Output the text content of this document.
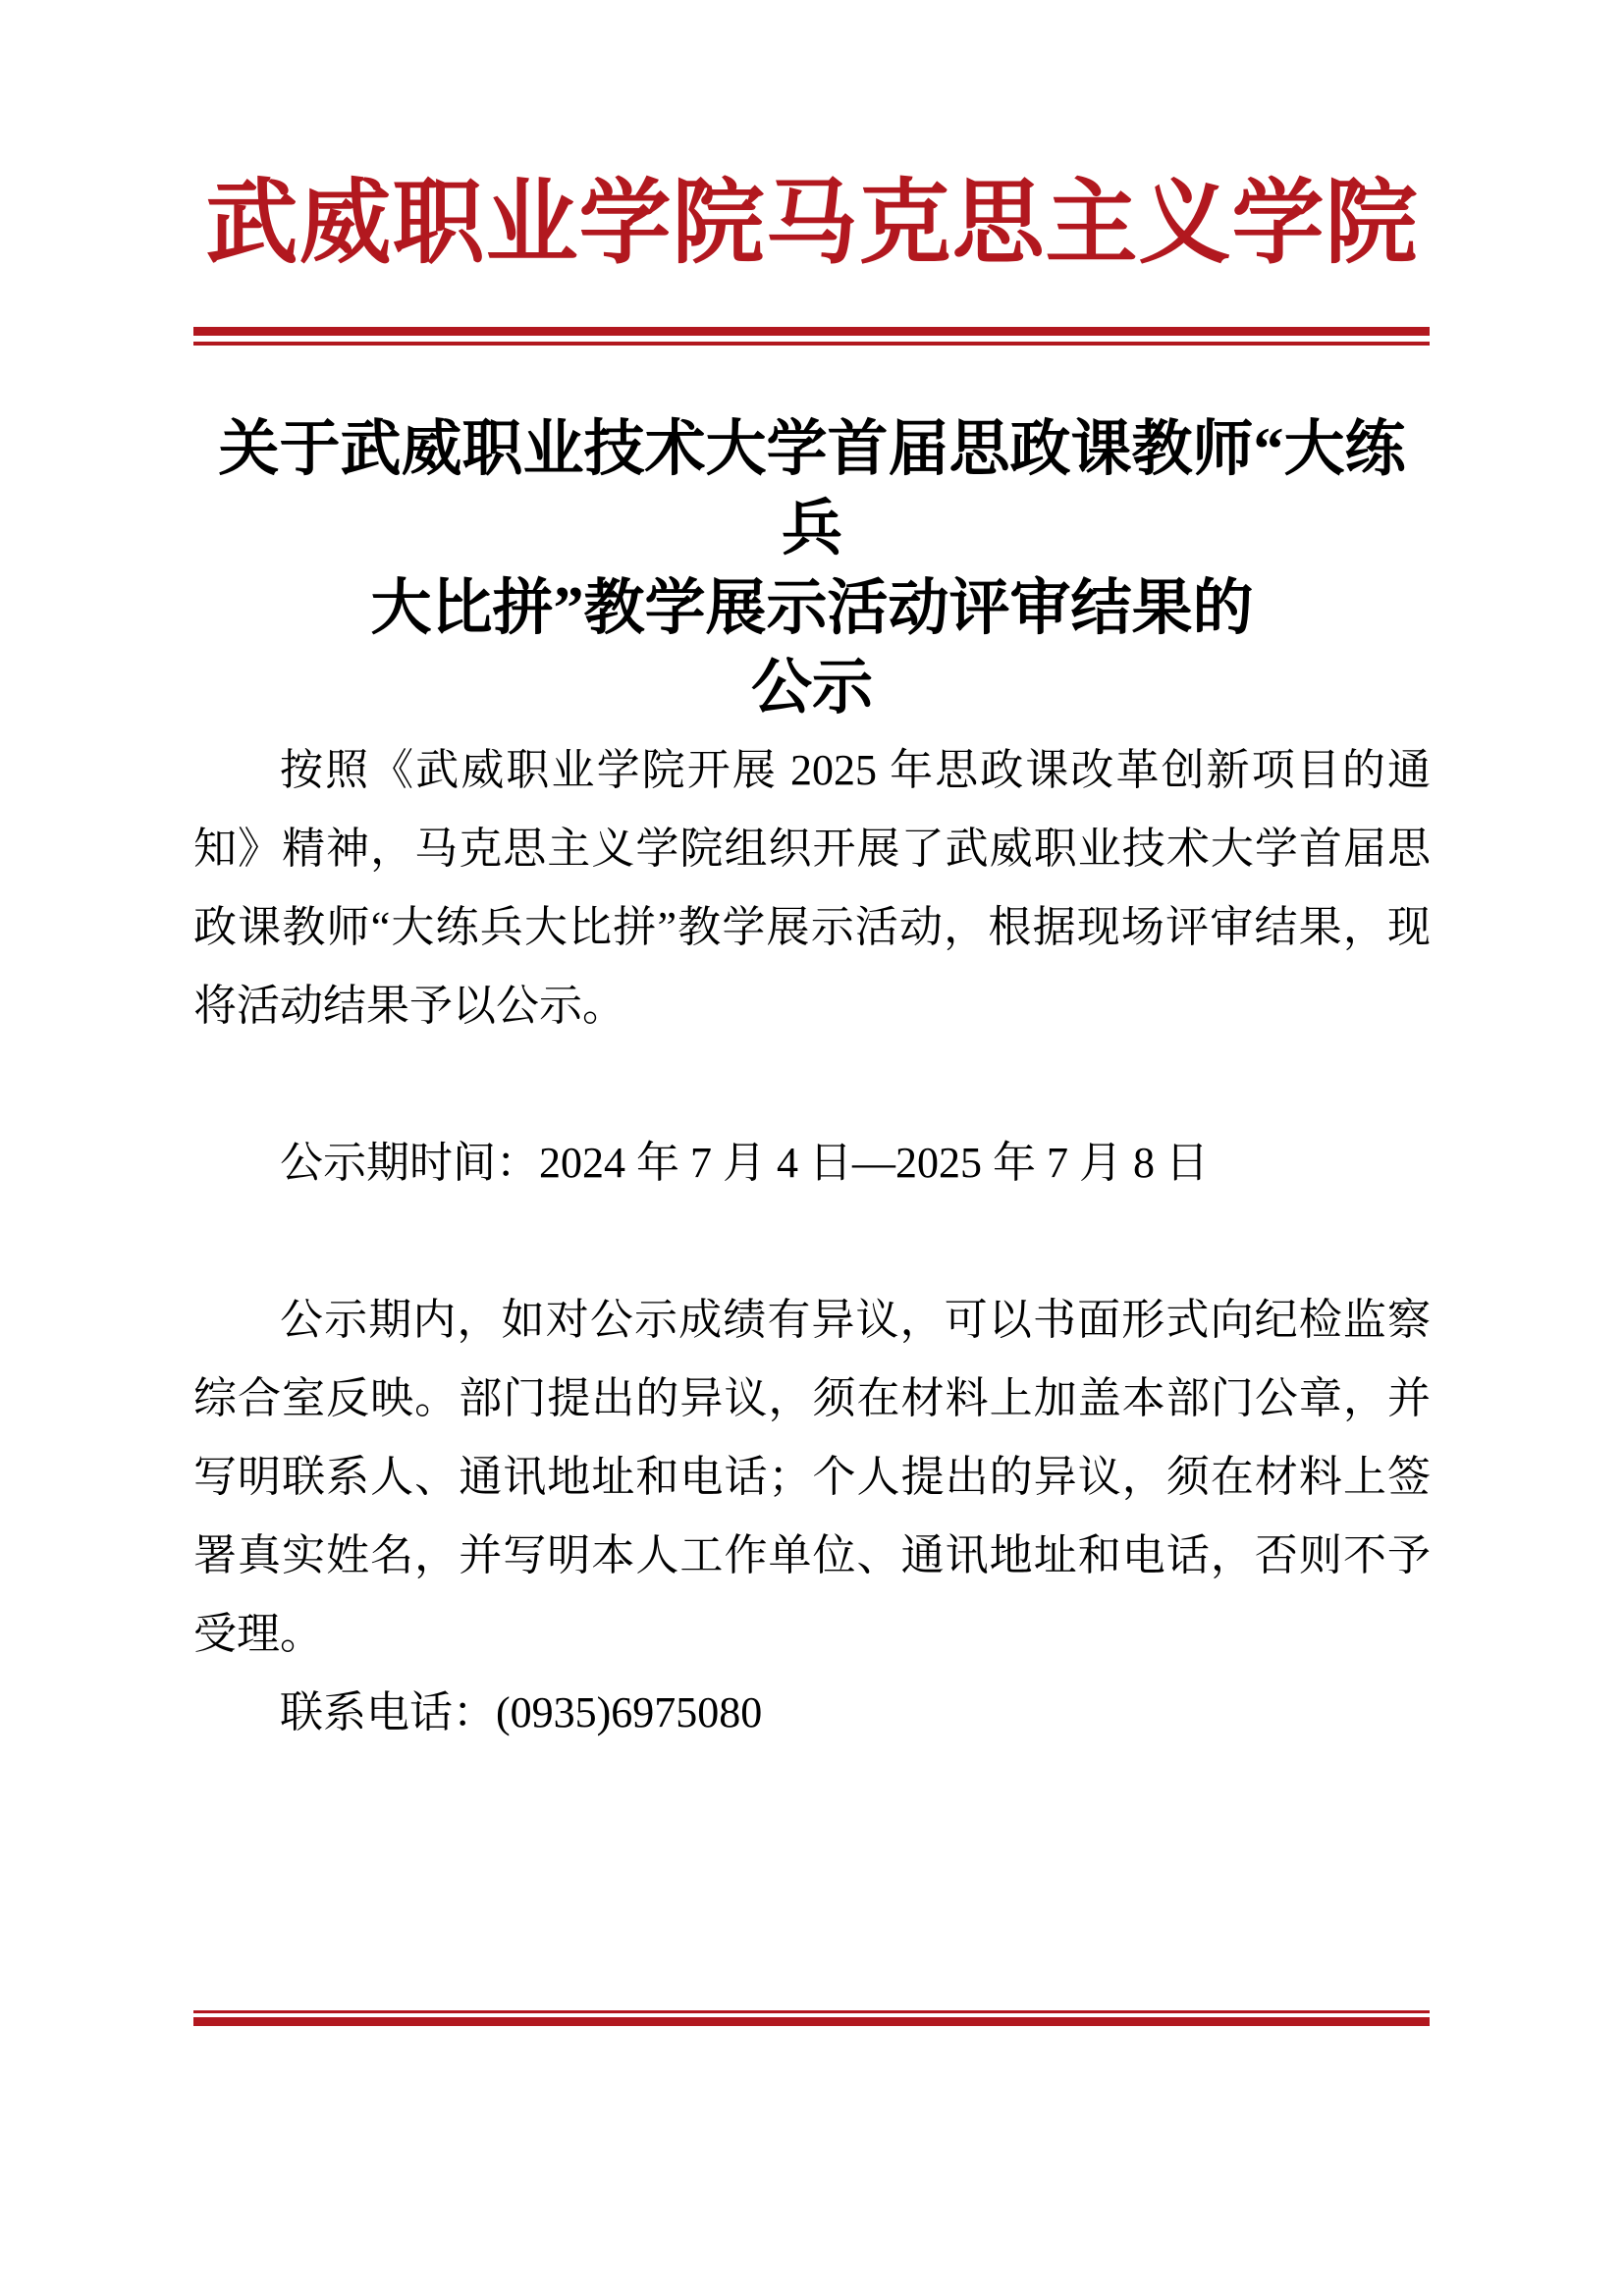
武威职业学院马克思主义学院
关于武威职业技术大学首届思政课教师“大练兵
大比拼”教学展示活动评审结果的
公示

按照《武威职业学院开展 2025 年思政课改革创新项目的通知》精神，马克思主义学院组织开展了武威职业技术大学首届思政课教师“大练兵大比拼”教学展示活动，根据现场评审结果，现将活动结果予以公示。

公示期时间：2024 年 7 月 4 日—2025 年 7 月 8 日

公示期内，如对公示成绩有异议，可以书面形式向纪检监察综合室反映。部门提出的异议，须在材料上加盖本部门公章，并写明联系人、通讯地址和电话；个人提出的异议，须在材料上签署真实姓名，并写明本人工作单位、通讯地址和电话，否则不予受理。

联系电话：(0935)6975080
